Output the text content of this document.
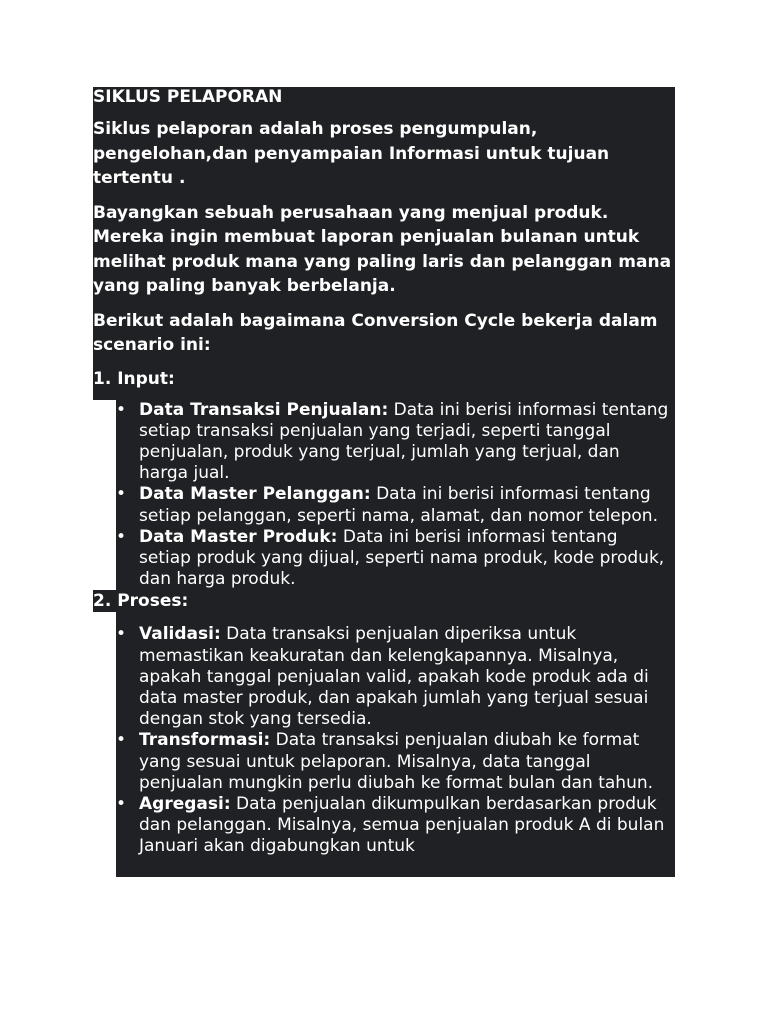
SIKLUS PELAPORAN

Siklus pelaporan adalah proses pengumpulan, pengelohan,dan penyampaian Informasi untuk tujuan tertentu .

Bayangkan sebuah perusahaan yang menjual produk. Mereka ingin membuat laporan penjualan bulanan untuk melihat produk mana yang paling laris dan pelanggan mana yang paling banyak berbelanja.

Berikut adalah bagaimana Conversion Cycle bekerja dalam scenario ini:

1. Input:
• Data Transaksi Penjualan: Data ini berisi informasi tentang setiap transaksi penjualan yang terjadi, seperti tanggal penjualan, produk yang terjual, jumlah yang terjual, dan harga jual.
• Data Master Pelanggan: Data ini berisi informasi tentang setiap pelanggan, seperti nama, alamat, dan nomor telepon.
• Data Master Produk: Data ini berisi informasi tentang setiap produk yang dijual, seperti nama produk, kode produk, dan harga produk.
2. Proses:
• Validasi: Data transaksi penjualan diperiksa untuk memastikan keakuratan dan kelengkapannya. Misalnya, apakah tanggal penjualan valid, apakah kode produk ada di data master produk, dan apakah jumlah yang terjual sesuai dengan stok yang tersedia.
• Transformasi: Data transaksi penjualan diubah ke format yang sesuai untuk pelaporan. Misalnya, data tanggal penjualan mungkin perlu diubah ke format bulan dan tahun.
• Agregasi: Data penjualan dikumpulkan berdasarkan produk dan pelanggan. Misalnya, semua penjualan produk A di bulan Januari akan digabungkan untuk
